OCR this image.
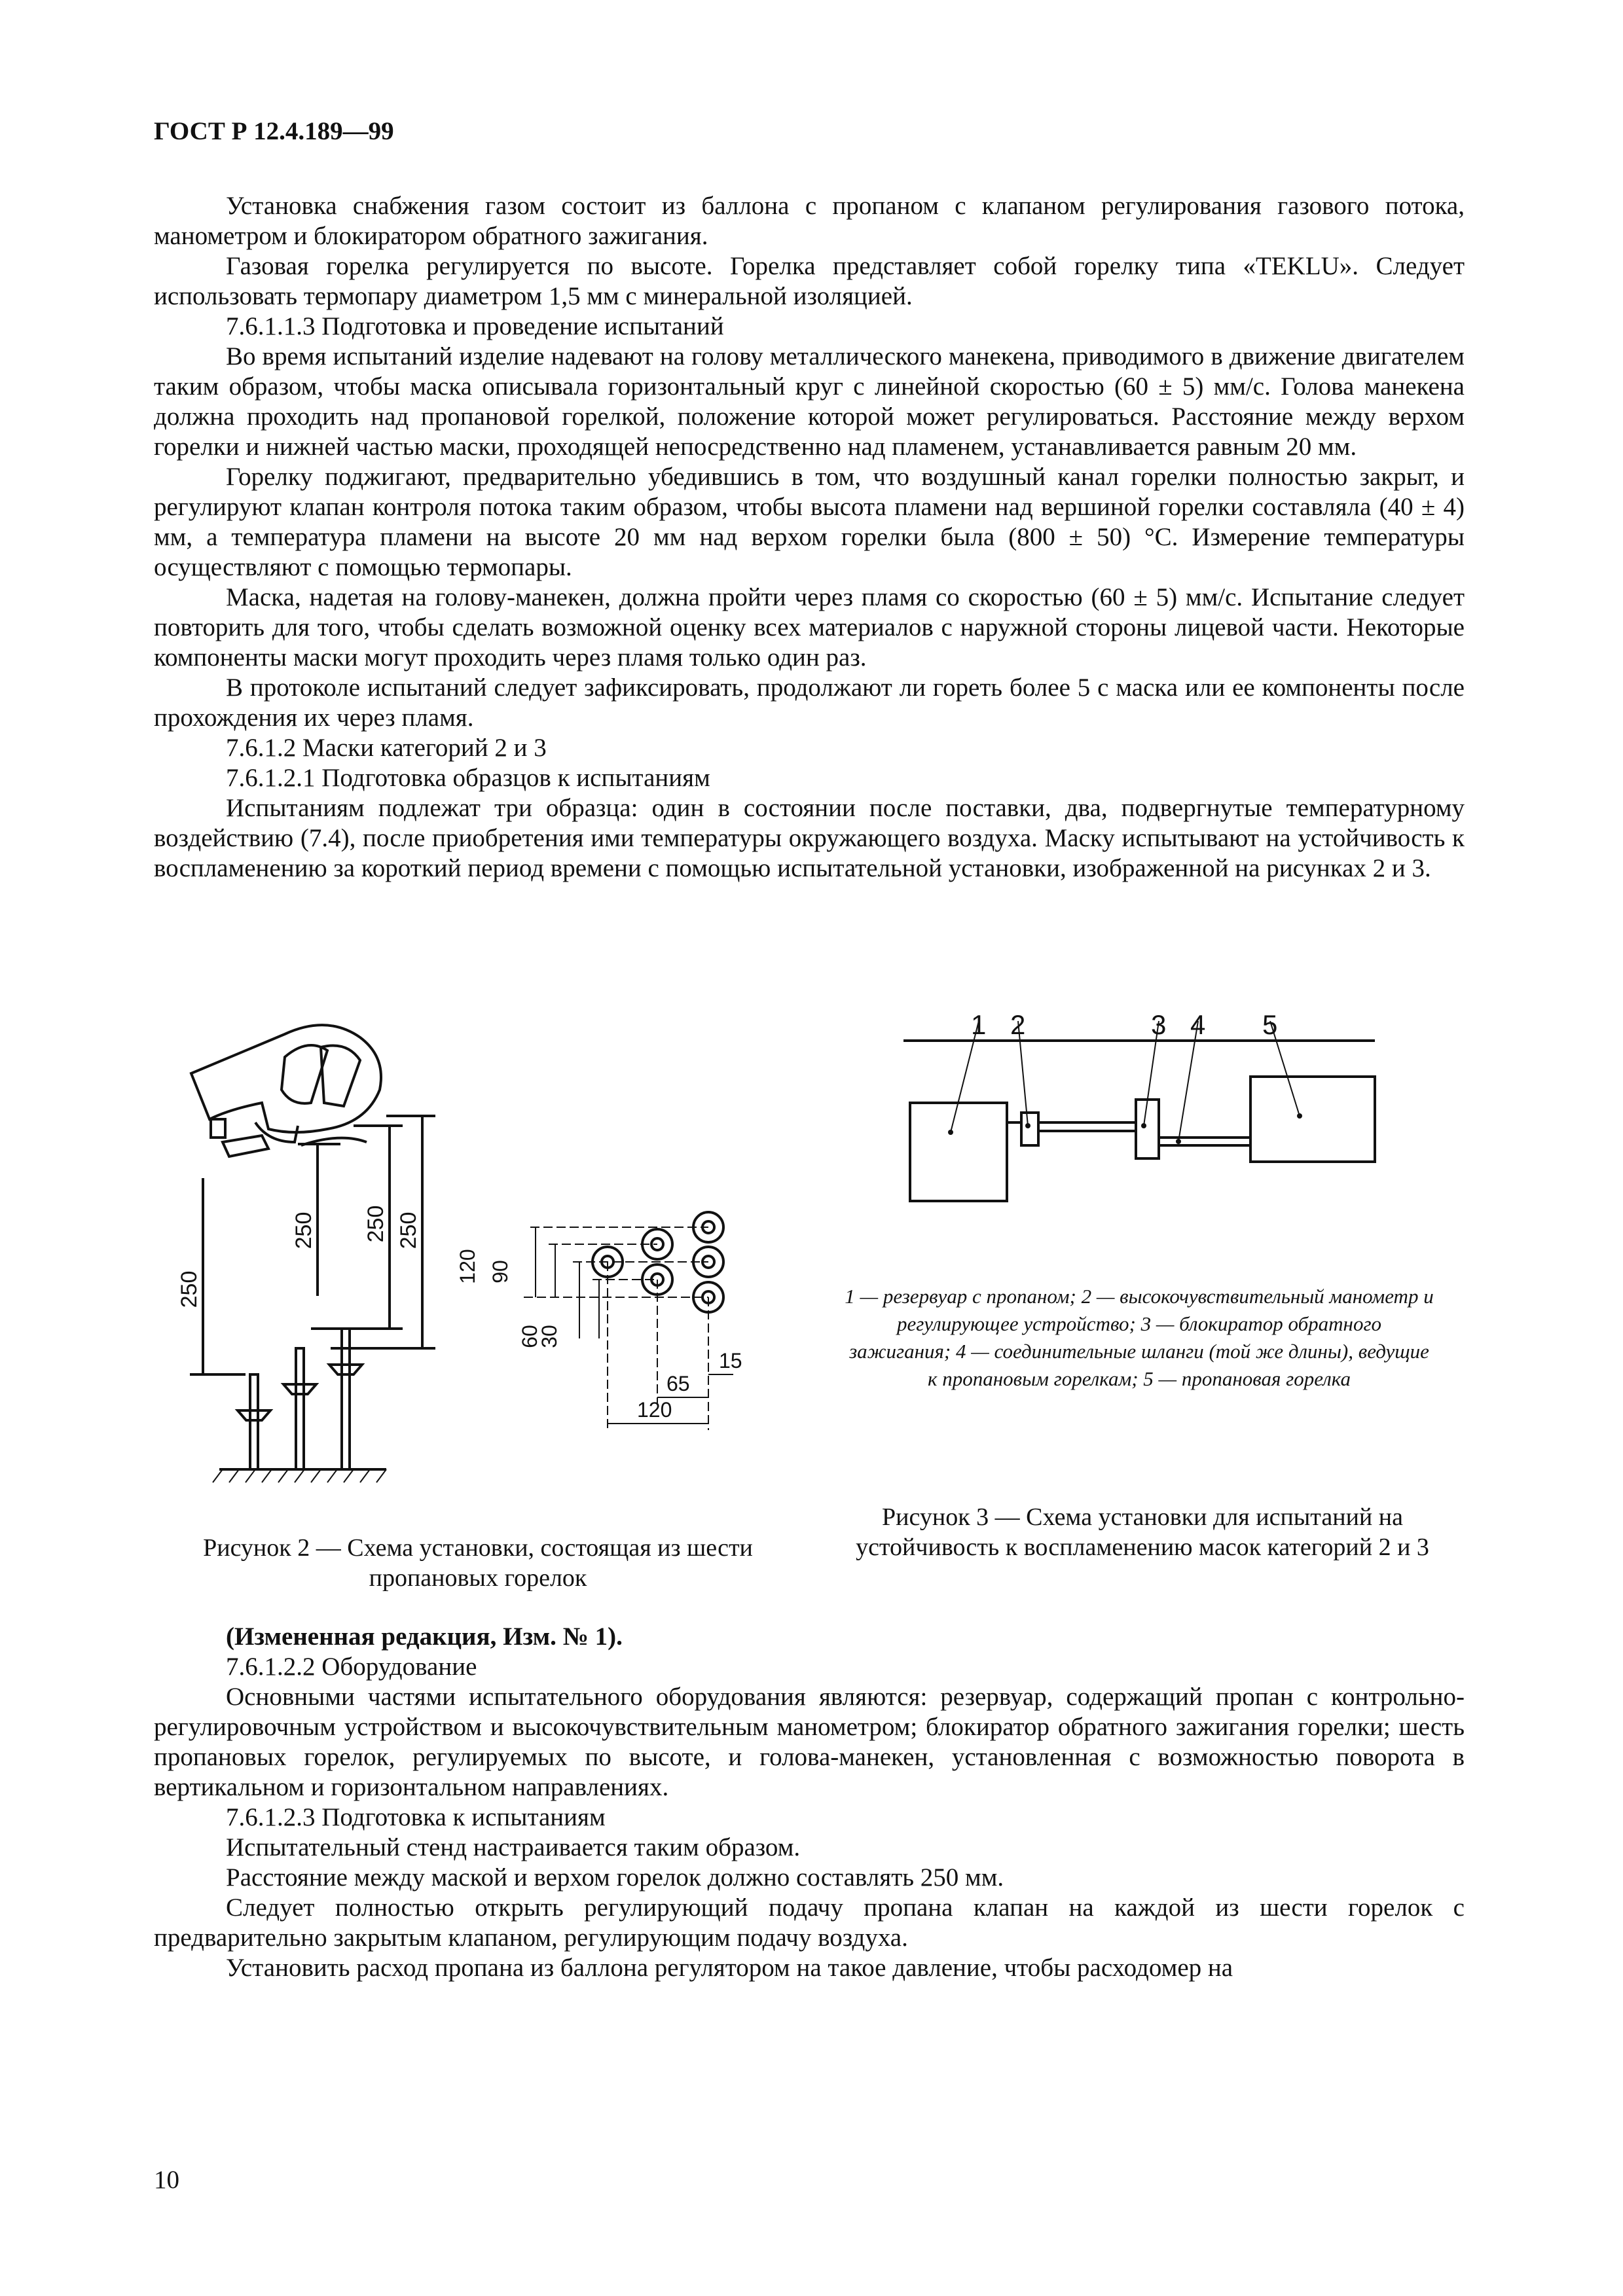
ГОСТ Р 12.4.189—99

Установка снабжения газом состоит из баллона с пропаном с клапаном регулирования газового потока, манометром и блокиратором обратного зажигания.

Газовая горелка регулируется по высоте. Горелка представляет собой горелку типа «TEKLU». Следует использовать термопару диаметром 1,5 мм с минеральной изоляцией.

7.6.1.1.3 Подготовка и проведение испытаний

Во время испытаний изделие надевают на голову металлического манекена, приводимого в движение двигателем таким образом, чтобы маска описывала горизонтальный круг с линейной скоростью (60 ± 5) мм/с. Голова манекена должна проходить над пропановой горелкой, положение которой может регулироваться. Расстояние между верхом горелки и нижней частью маски, проходящей непосредственно над пламенем, устанавливается равным 20 мм.

Горелку поджигают, предварительно убедившись в том, что воздушный канал горелки полностью закрыт, и регулируют клапан контроля потока таким образом, чтобы высота пламени над вершиной горелки составляла (40 ± 4) мм, а температура пламени на высоте 20 мм над верхом горелки была (800 ± 50) °С. Измерение температуры осуществляют с помощью термопары.

Маска, надетая на голову-манекен, должна пройти через пламя со скоростью (60 ± 5) мм/с. Испытание следует повторить для того, чтобы сделать возможной оценку всех материалов с наружной стороны лицевой части. Некоторые компоненты маски могут проходить через пламя только один раз.

В протоколе испытаний следует зафиксировать, продолжают ли гореть более 5 с маска или ее компоненты после прохождения их через пламя.

7.6.1.2 Маски категорий 2 и 3

7.6.1.2.1 Подготовка образцов к испытаниям

Испытаниям подлежат три образца: один в состоянии после поставки, два, подвергнутые температурному воздействию (7.4), после приобретения ими температуры окружающего воздуха. Маску испытывают на устойчивость к воспламенению за короткий период времени с помощью испытательной установки, изображенной на рисунках 2 и 3.

250
250 250 250
120 90
60
30
15
65
120
Рисунок 2 — Схема установки, состоящая из шести пропановых горелок
1 2	3 4 5
1 — резервуар с пропаном; 2 — высокочувствительный манометр и регулирующее устройство; 3 — блокиратор обратного зажигания; 4 — соединительные шланги (той же длины), ведущие к пропановым горелкам; 5 — пропановая горелка
Рисунок 3 — Схема установки для испытаний на устойчивость к воспламенению масок категорий 2 и 3

(Измененная редакция, Изм. № 1).

7.6.1.2.2 Оборудование

Основными частями испытательного оборудования являются: резервуар, содержащий пропан с контрольно-регулировочным устройством и высокочувствительным манометром; блокиратор обратного зажигания горелки; шесть пропановых горелок, регулируемых по высоте, и голова-манекен, установленная с возможностью поворота в вертикальном и горизонтальном направлениях.

7.6.1.2.3 Подготовка к испытаниям

Испытательный стенд настраивается таким образом.

Расстояние между маской и верхом горелок должно составлять 250 мм.

Следует полностью открыть регулирующий подачу пропана клапан на каждой из шести горелок с предварительно закрытым клапаном, регулирующим подачу воздуха.

Установить расход пропана из баллона регулятором на такое давление, чтобы расходомер на

10
